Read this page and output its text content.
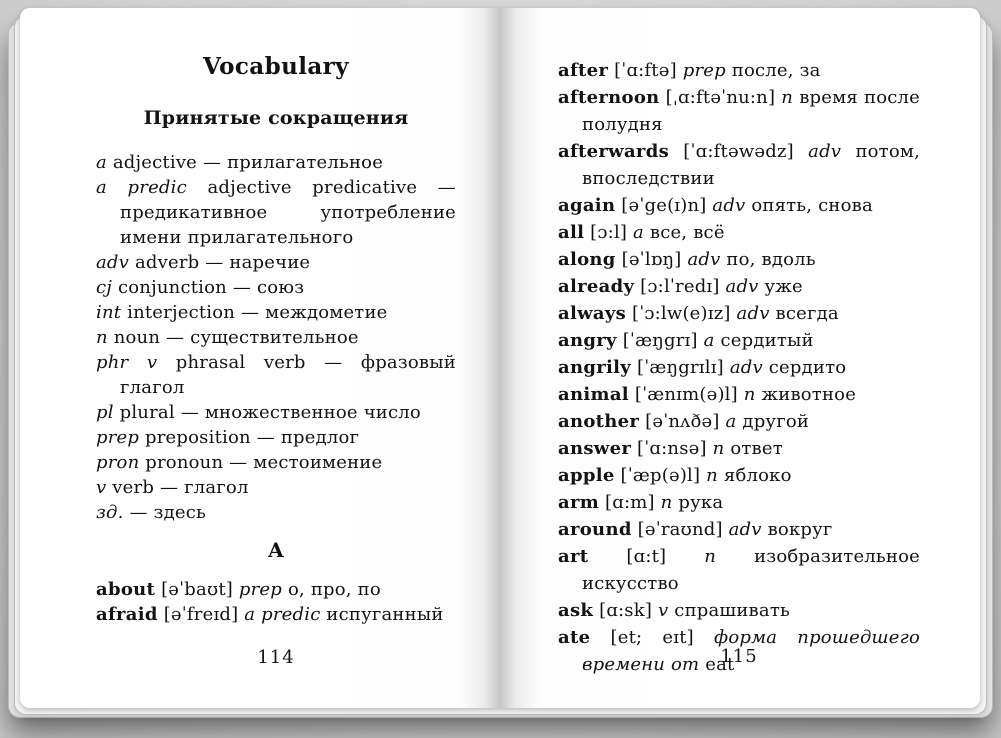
Vocabulary
Принятые сокращения

a adjective — прилагательное

a predic adjective predicative — предикативное употребление имени прилагательного

adv adverb — наречие

cj conjunction — союз

int interjection — междометие

n noun — существительное

phr v phrasal verb — фразовый глагол

pl plural — множественное число

prep preposition — предлог

pron pronoun — местоимение

v verb — глагол

зд. — здесь

A

about [əˈbaʊt] prep о, про, по

afraid [əˈfreɪd] a predic испуганный

114

after [ˈɑ:ftə] prep после, за

afternoon [ˌɑ:ftəˈnu:n] n время после полудня

afterwards [ˈɑ:ftəwədz] adv потом, впоследствии

again [əˈge(ɪ)n] adv опять, снова

all [ɔ:l] a все, всё

along [əˈlɒŋ] adv по, вдоль

already [ɔ:lˈredɪ] adv уже

always [ˈɔ:lw(e)ɪz] adv всегда

angry [ˈæŋgrɪ] a сердитый

angrily [ˈæŋgrɪlɪ] adv сердито

animal [ˈænɪm(ə)l] n животное

another [əˈnʌðə] a другой

answer [ˈɑ:nsə] n ответ

apple [ˈæp(ə)l] n яблоко

arm [ɑ:m] n рука

around [əˈraʊnd] adv вокруг

art [ɑ:t] n изобразительное искусство

ask [ɑ:sk] v спрашивать

ate [et; eɪt] форма прошедшего времени от eat

115
